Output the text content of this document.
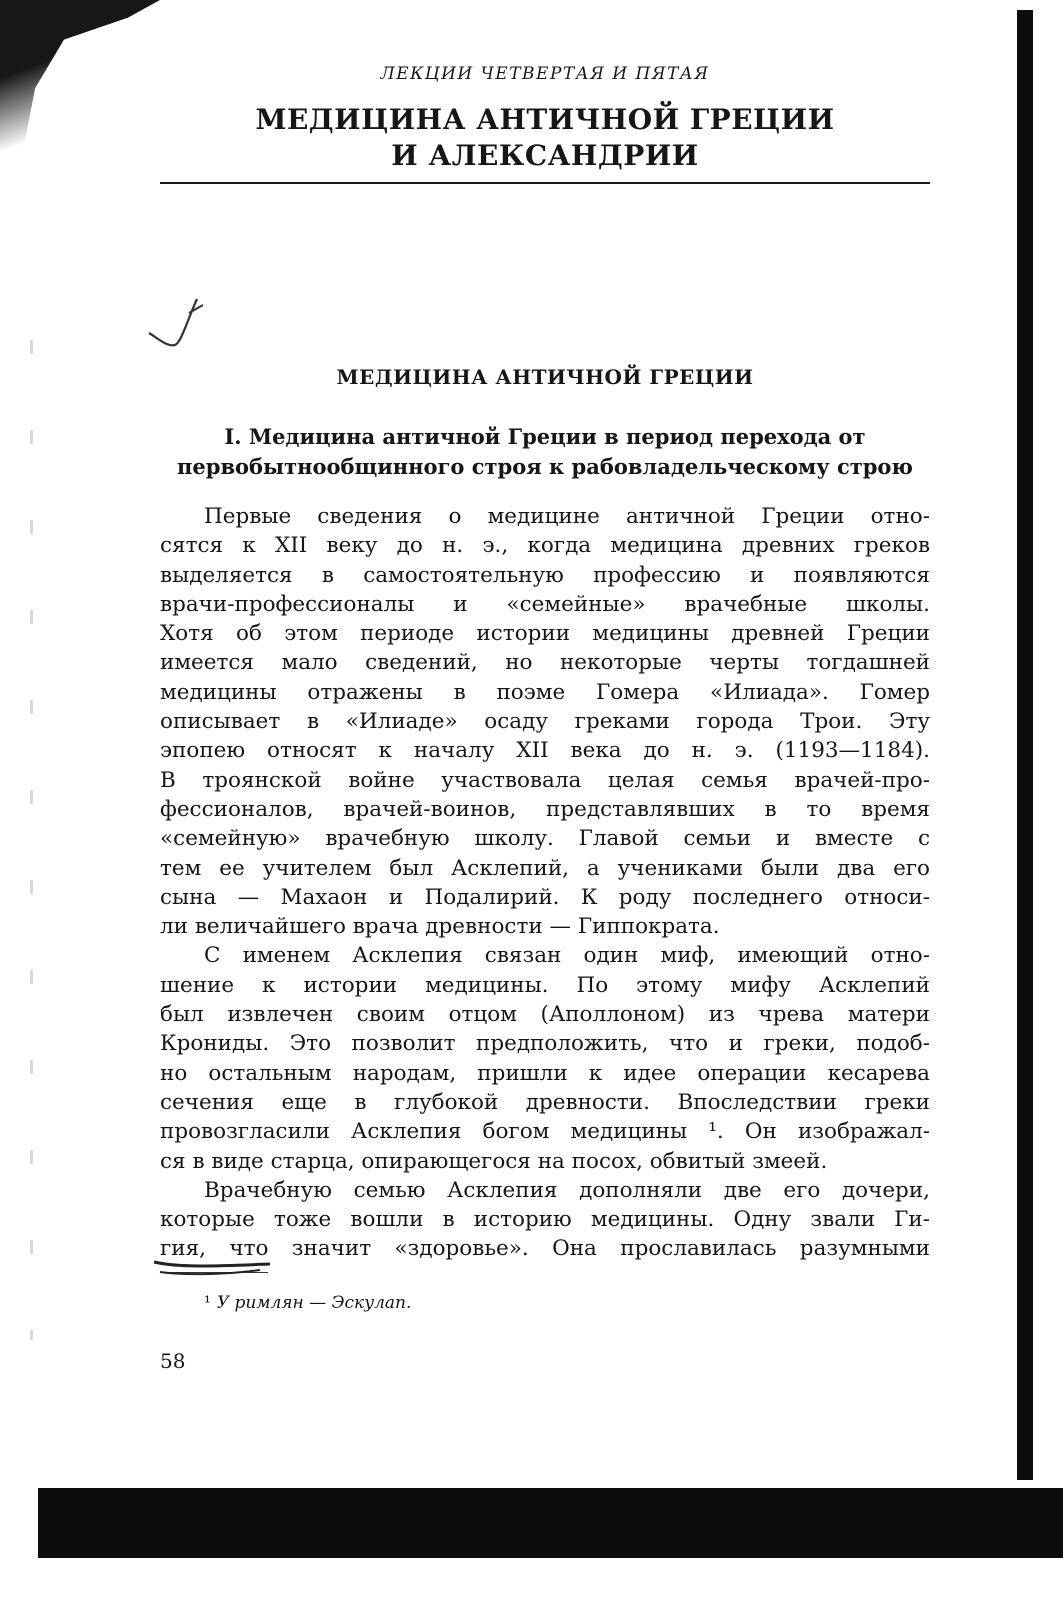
ЛЕКЦИИ ЧЕТВЕРТАЯ И ПЯТАЯ
МЕДИЦИНА АНТИЧНОЙ ГРЕЦИИ
И АЛЕКСАНДРИИ
МЕДИЦИНА АНТИЧНОЙ ГРЕЦИИ
I. Медицина античной Греции в период перехода от
первобытнообщинного строя к рабовладельческому строю
Первые сведения о медицине античной Греции отно-
сятся к XII веку до н. э., когда медицина древних греков
выделяется в самостоятельную профессию и появляются
врачи-профессионалы и «семейные» врачебные школы.
Хотя об этом периоде истории медицины древней Греции
имеется мало сведений, но некоторые черты тогдашней
медицины отражены в поэме Гомера «Илиада». Гомер
описывает в «Илиаде» осаду греками города Трои. Эту
эпопею относят к началу XII века до н. э. (1193—1184).
В троянской войне участвовала целая семья врачей-про-
фессионалов, врачей-воинов, представлявших в то время
«семейную» врачебную школу. Главой семьи и вместе с
тем ее учителем был Асклепий, а учениками были два его
сына — Махаон и Подалирий. К роду последнего относи-
ли величайшего врача древности — Гиппократа.
С именем Асклепия связан один миф, имеющий отно-
шение к истории медицины. По этому мифу Асклепий
был извлечен своим отцом (Аполлоном) из чрева матери
Крониды. Это позволит предположить, что и греки, подоб-
но остальным народам, пришли к идее операции кесарева
сечения еще в глубокой древности. Впоследствии греки
провозгласили Асклепия богом медицины ¹. Он изображал-
ся в виде старца, опирающегося на посох, обвитый змеей.
Врачебную семью Асклепия дополняли две его дочери,
которые тоже вошли в историю медицины. Одну звали Ги-
гия, что значит «здоровье». Она прославилась разумными
¹ У римлян — Эскулап.
58
